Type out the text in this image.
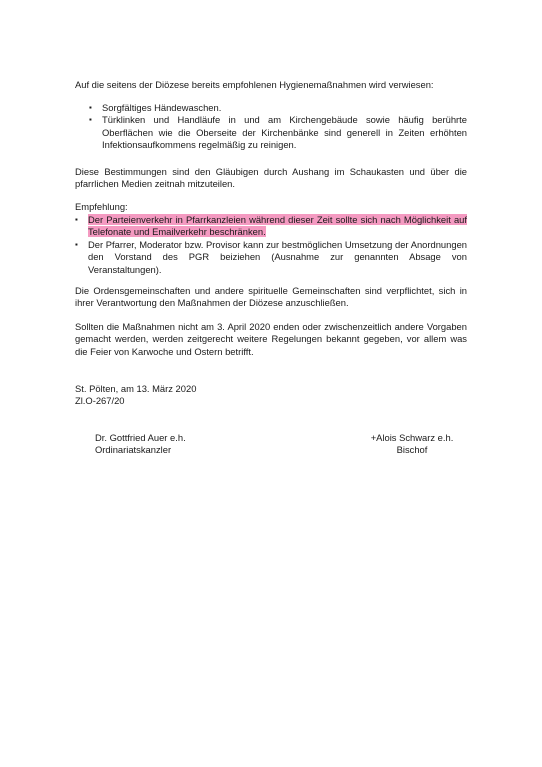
Auf die seitens der Diözese bereits empfohlenen Hygienemaßnahmen wird verwiesen:

▪	Sorgfältiges Händewaschen.
▪	Türklinken und Handläufe in und am Kirchengebäude sowie häufig berührte Oberflächen wie die Oberseite der Kirchenbänke sind generell in Zeiten erhöhten Infektionsaufkommens regelmäßig zu reinigen.

Diese Bestimmungen sind den Gläubigen durch Aushang im Schaukasten und über die pfarrlichen Medien zeitnah mitzuteilen.

Empfehlung:

▪	Der Parteienverkehr in Pfarrkanzleien während dieser Zeit sollte sich nach Möglichkeit auf Telefonate und Emailverkehr beschränken.
▪	Der Pfarrer, Moderator bzw. Provisor kann zur bestmöglichen Umsetzung der Anordnungen den Vorstand des PGR beiziehen (Ausnahme zur genannten Absage von Veranstaltungen).

Die Ordensgemeinschaften und andere spirituelle Gemeinschaften sind verpflichtet, sich in ihrer Verantwortung den Maßnahmen der Diözese anzuschließen.

Sollten die Maßnahmen nicht am 3. April 2020 enden oder zwischenzeitlich andere Vorgaben gemacht werden, werden zeitgerecht weitere Regelungen bekannt gegeben, vor allem was die Feier von Karwoche und Ostern betrifft.

St. Pölten, am 13. März 2020

Zl.O-267/20

Dr. Gottfried Auer e.h.

Ordinariatskanzler

+Alois Schwarz e.h.

Bischof
